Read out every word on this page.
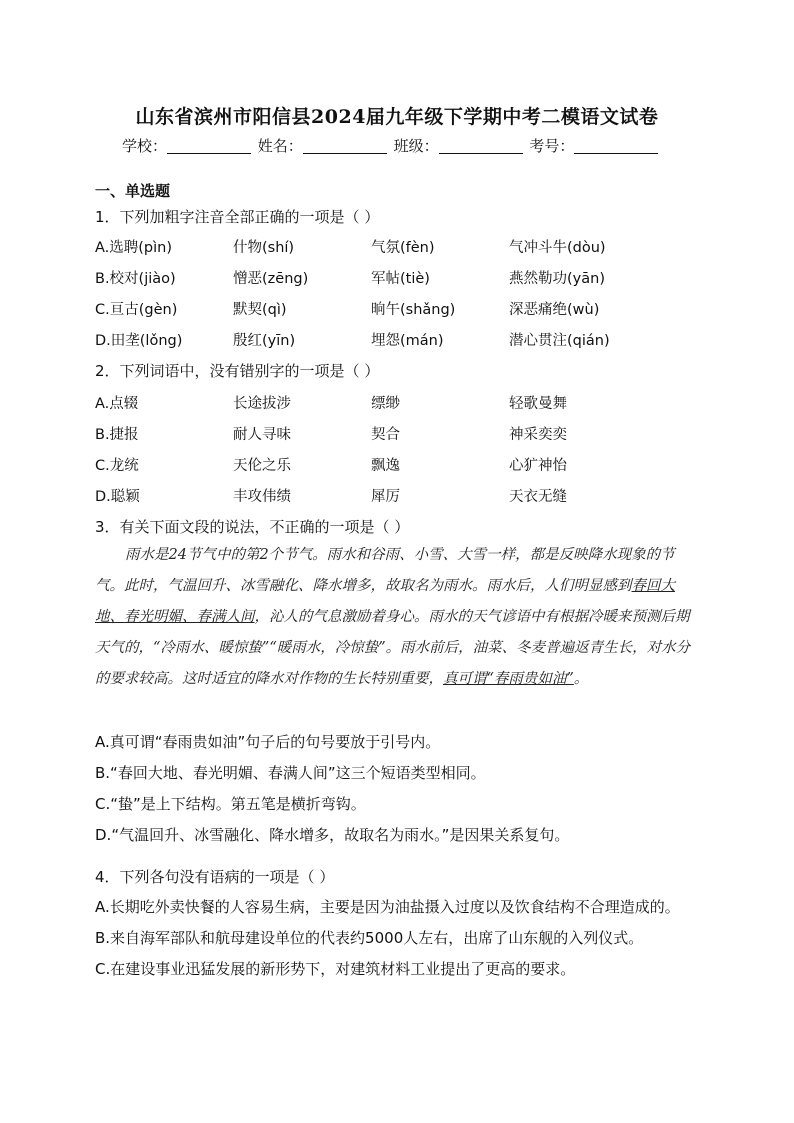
山东省滨州市阳信县2024届九年级下学期中考二模语文试卷
学校：	姓名：	班级：	考号：
一、单选题
1．下列加粗字注音全部正确的一项是（ ）
A.选聘(pìn)	什物(shí)	气氛(fèn)	气冲斗牛(dòu)
B.校对(jiào)	憎恶(zēng)	军帖(tiè)	燕然勒功(yān)
C.亘古(gèn)	默契(qì)	晌午(shǎng)	深恶痛绝(wù)
D.田垄(lǒng)	殷红(yīn)	埋怨(mán)	潜心贯注(qián)
2．下列词语中，没有错别字的一项是（ ）
A.点辍	长途拔涉	缥缈	轻歌曼舞
B.捷报	耐人寻味	契合	神采奕奕
C.龙统	天伦之乐	飘逸	心犷神怡
D.聪颖	丰攻伟绩	犀厉	天衣无缝
3．有关下面文段的说法，不正确的一项是（ ）

雨水是24节气中的第2个节气。雨水和谷雨、小雪、大雪一样，都是反映降水现象的节气。此时，气温回升、冰雪融化、降水增多，故取名为雨水。雨水后，人们明显感到春回大地、春光明媚、春满人间，沁人的气息激励着身心。雨水的天气谚语中有根据冷暖来预测后期天气的，“冷雨水、暖惊蛰”“暖雨水，冷惊蛰”。雨水前后，油菜、冬麦普遍返青生长，对水分的要求较高。这时适宜的降水对作物的生长特别重要，真可谓“春雨贵如油”。

A.真可谓“春雨贵如油”句子后的句号要放于引号内。

B.“春回大地、春光明媚、春满人间”这三个短语类型相同。

C.“蛰”是上下结构。第五笔是横折弯钩。

D.“气温回升、冰雪融化、降水增多，故取名为雨水。”是因果关系复句。

4．下列各句没有语病的一项是（ ）

A.长期吃外卖快餐的人容易生病，主要是因为油盐摄入过度以及饮食结构不合理造成的。

B.来自海军部队和航母建设单位的代表约5000人左右，出席了山东舰的入列仪式。

C.在建设事业迅猛发展的新形势下，对建筑材料工业提出了更高的要求。
